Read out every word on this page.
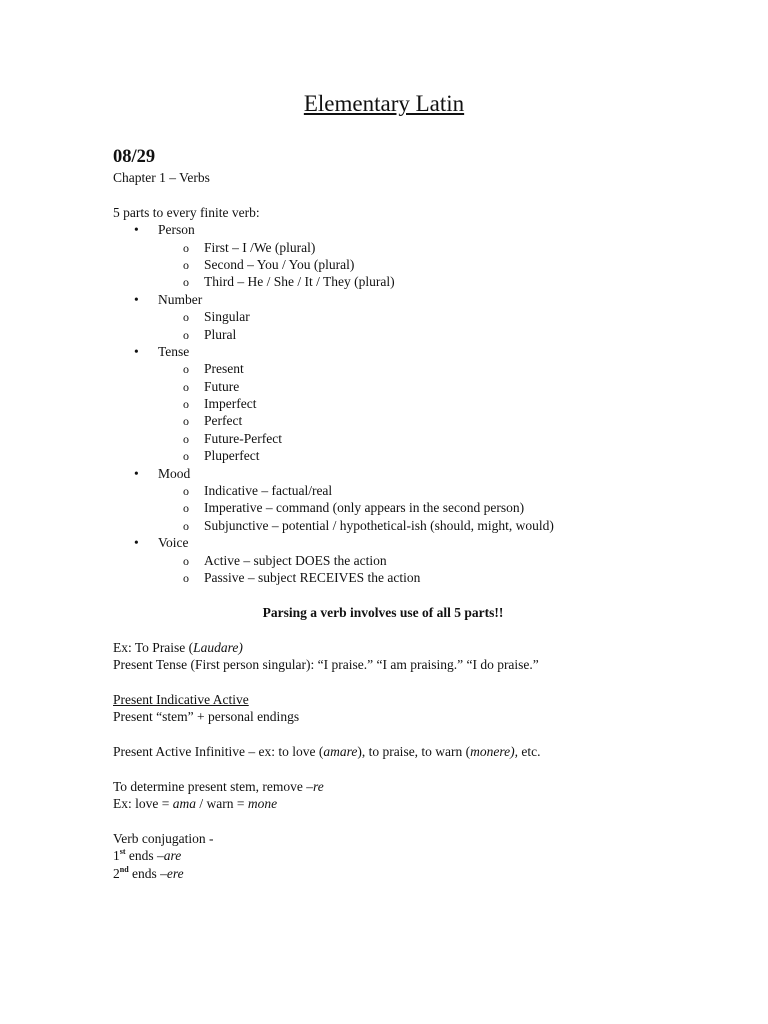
Elementary Latin
08/29
Chapter 1 – Verbs
5 parts to every finite verb:
• Person
o First – I /We (plural)
o Second – You / You (plural)
o Third – He / She / It / They (plural)
• Number
o Singular
o Plural
• Tense
o Present
o Future
o Imperfect
o Perfect
o Future-Perfect
o Pluperfect
• Mood
o Indicative – factual/real
o Imperative – command (only appears in the second person)
o Subjunctive – potential / hypothetical-ish (should, might, would)
• Voice
o Active – subject DOES the action
o Passive – subject RECEIVES the action
Parsing a verb involves use of all 5 parts!!
Ex: To Praise (Laudare)
Present Tense (First person singular): “I praise.” “I am praising.” “I do praise.”
Present Indicative Active
Present “stem” + personal endings
Present Active Infinitive – ex: to love (amare), to praise, to warn (monere), etc.
To determine present stem, remove –re
Ex: love = ama / warn = mone
Verb conjugation -
1st ends –are
2nd ends –ere
